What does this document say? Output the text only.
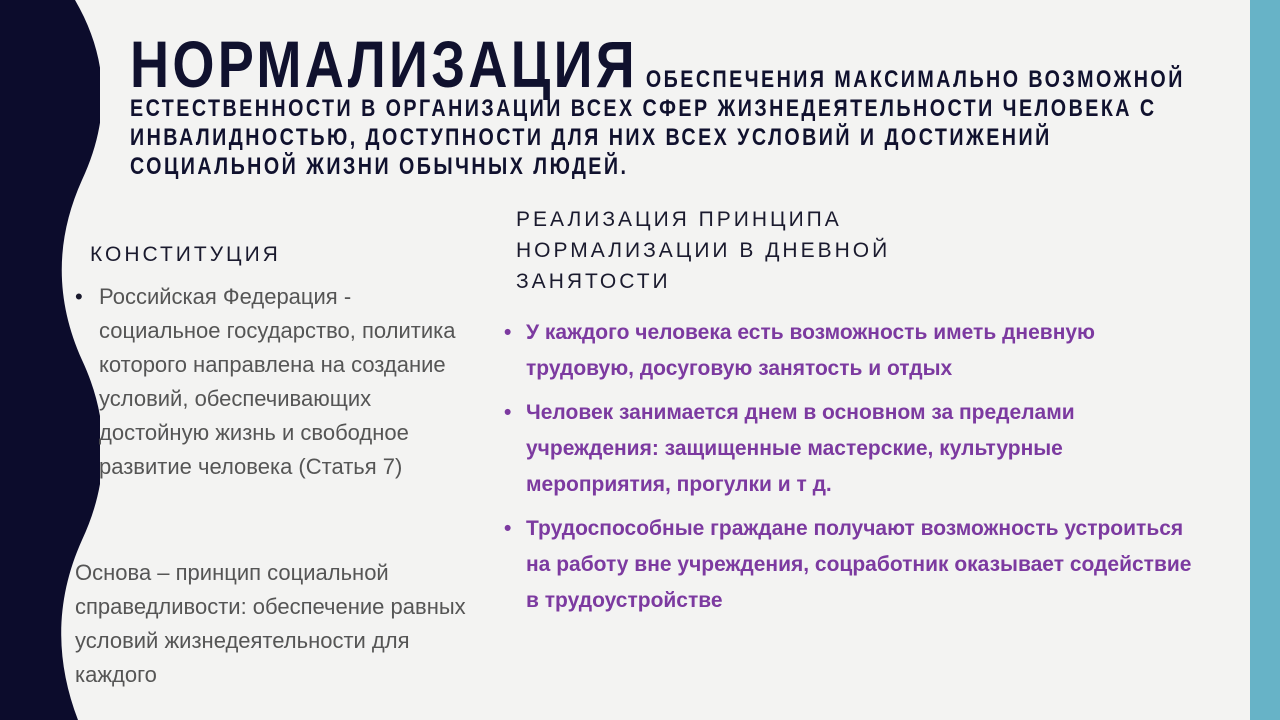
НОРМАЛИЗАЦИЯ ОБЕСПЕЧЕНИЯ МАКСИМАЛЬНО ВОЗМОЖНОЙ ЕСТЕСТВЕННОСТИ В ОРГАНИЗАЦИИ ВСЕХ СФЕР ЖИЗНЕДЕЯТЕЛЬНОСТИ ЧЕЛОВЕКА С ИНВАЛИДНОСТЬЮ, ДОСТУПНОСТИ ДЛЯ НИХ ВСЕХ УСЛОВИЙ И ДОСТИЖЕНИЙ СОЦИАЛЬНОЙ ЖИЗНИ ОБЫЧНЫХ ЛЮДЕЙ.
КОНСТИТУЦИЯ
• Российская Федерация - социальное государство, политика которого направлена на создание условий, обеспечивающих достойную жизнь и свободное развитие человека (Статья 7)
Основа – принцип социальной справедливости: обеспечение равных условий жизнедеятельности для каждого
РЕАЛИЗАЦИЯ ПРИНЦИПА НОРМАЛИЗАЦИИ В ДНЕВНОЙ ЗАНЯТОСТИ
• У каждого человека есть возможность иметь дневную трудовую, досуговую занятость и отдых
• Человек занимается днем в основном за пределами учреждения: защищенные мастерские, культурные мероприятия, прогулки и т д.
• Трудоспособные граждане получают возможность устроиться на работу вне учреждения, соцработник оказывает содействие в трудоустройстве
